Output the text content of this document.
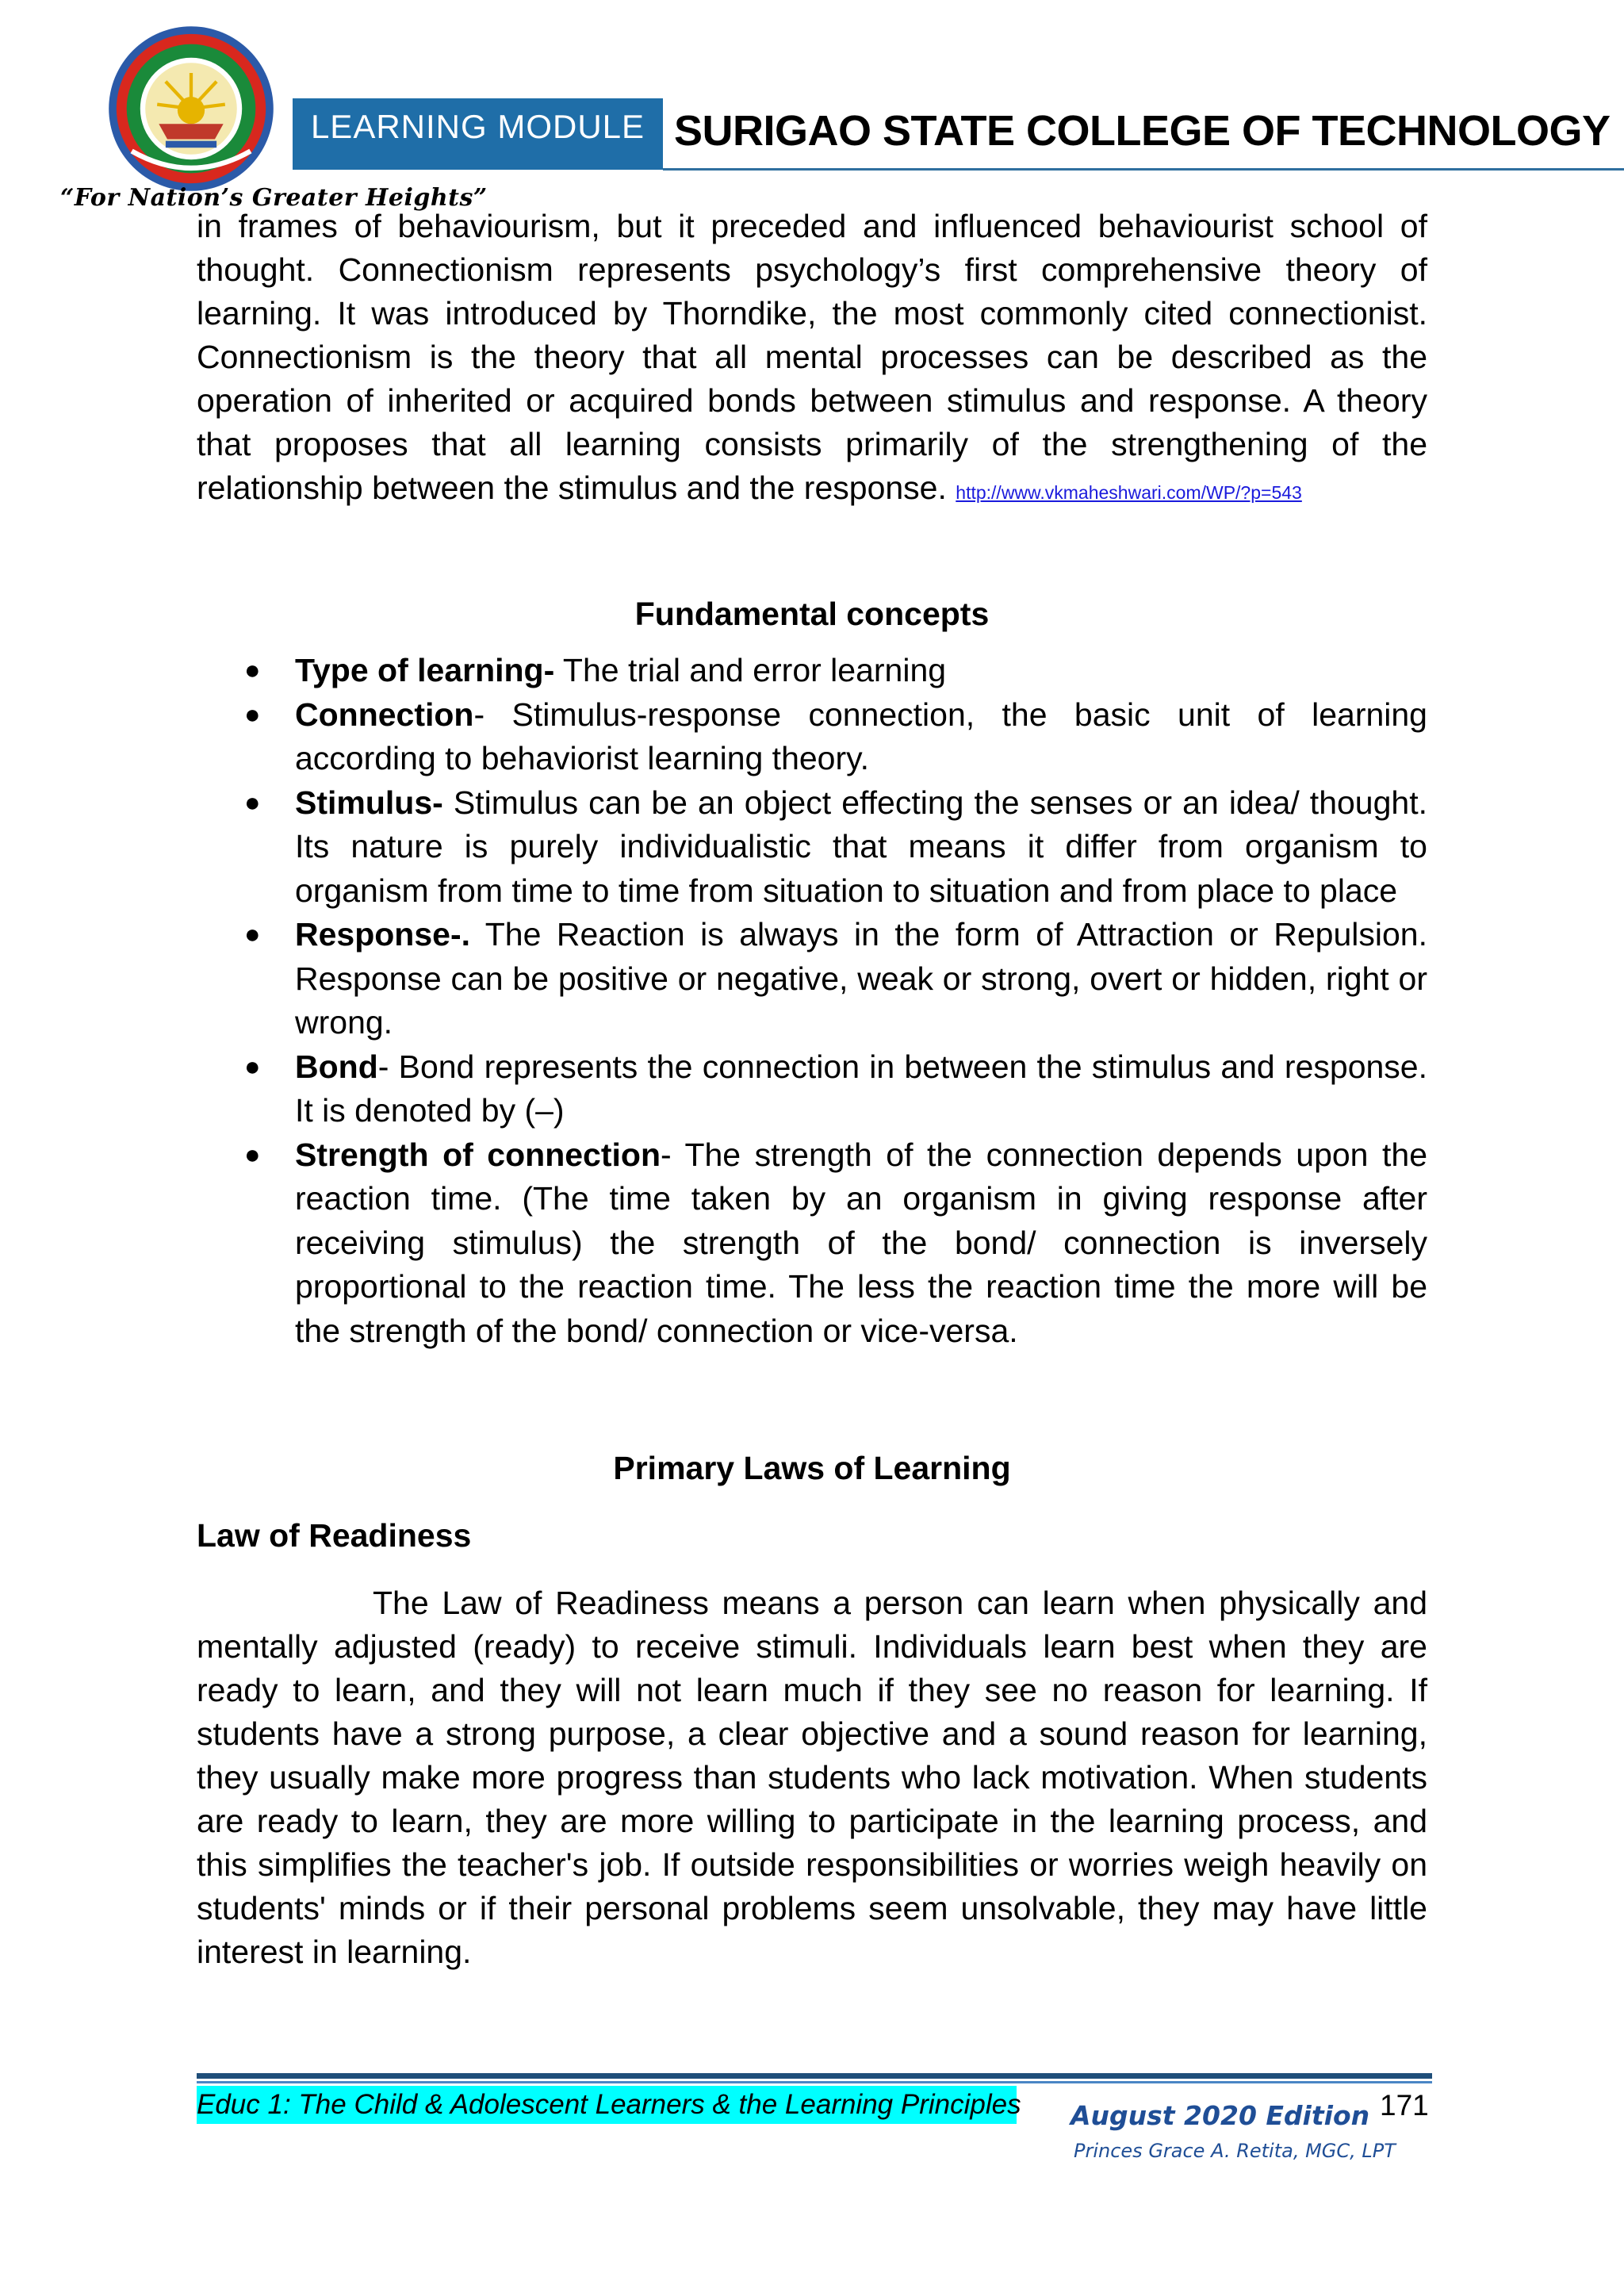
“For Nation’s Greater Heights”
LEARNING MODULE SURIGAO STATE COLLEGE OF TECHNOLOGY

in frames of behaviourism, but it preceded and influenced behaviourist school of thought. Connectionism represents psychology’s first comprehensive theory of learning. It was introduced by Thorndike, the most commonly cited connectionist. Connectionism is the theory that all mental processes can be described as the operation of inherited or acquired bonds between stimulus and response. A theory that proposes that all learning consists primarily of the strengthening of the relationship between the stimulus and the response. http://www.vkmaheshwari.com/WP/?p=543

Fundamental concepts

● Type of learning- The trial and error learning
● Connection- Stimulus-response connection, the basic unit of learning according to behaviorist learning theory.
● Stimulus- Stimulus can be an object effecting the senses or an idea/ thought. Its nature is purely individualistic that means it differ from organism to organism from time to time from situation to situation and from place to place
● Response-. The Reaction is always in the form of Attraction or Repulsion. Response can be positive or negative, weak or strong, overt or hidden, right or wrong.
● Bond- Bond represents the connection in between the stimulus and response. It is denoted by (–)
● Strength of connection- The strength of the connection depends upon the reaction time. (The time taken by an organism in giving response after receiving stimulus) the strength of the bond/ connection is inversely proportional to the reaction time. The less the reaction time the more will be the strength of the bond/ connection or vice-versa.

Primary Laws of Learning

Law of Readiness

The Law of Readiness means a person can learn when physically and mentally adjusted (ready) to receive stimuli. Individuals learn best when they are ready to learn, and they will not learn much if they see no reason for learning. If students have a strong purpose, a clear objective and a sound reason for learning, they usually make more progress than students who lack motivation. When students are ready to learn, they are more willing to participate in the learning process, and this simplifies the teacher's job. If outside responsibilities or worries weigh heavily on students' minds or if their personal problems seem unsolvable, they may have little interest in learning.

Educ 1: The Child & Adolescent Learners & the Learning Principles August 2020 Edition 171
Princes Grace A. Retita, MGC, LPT
